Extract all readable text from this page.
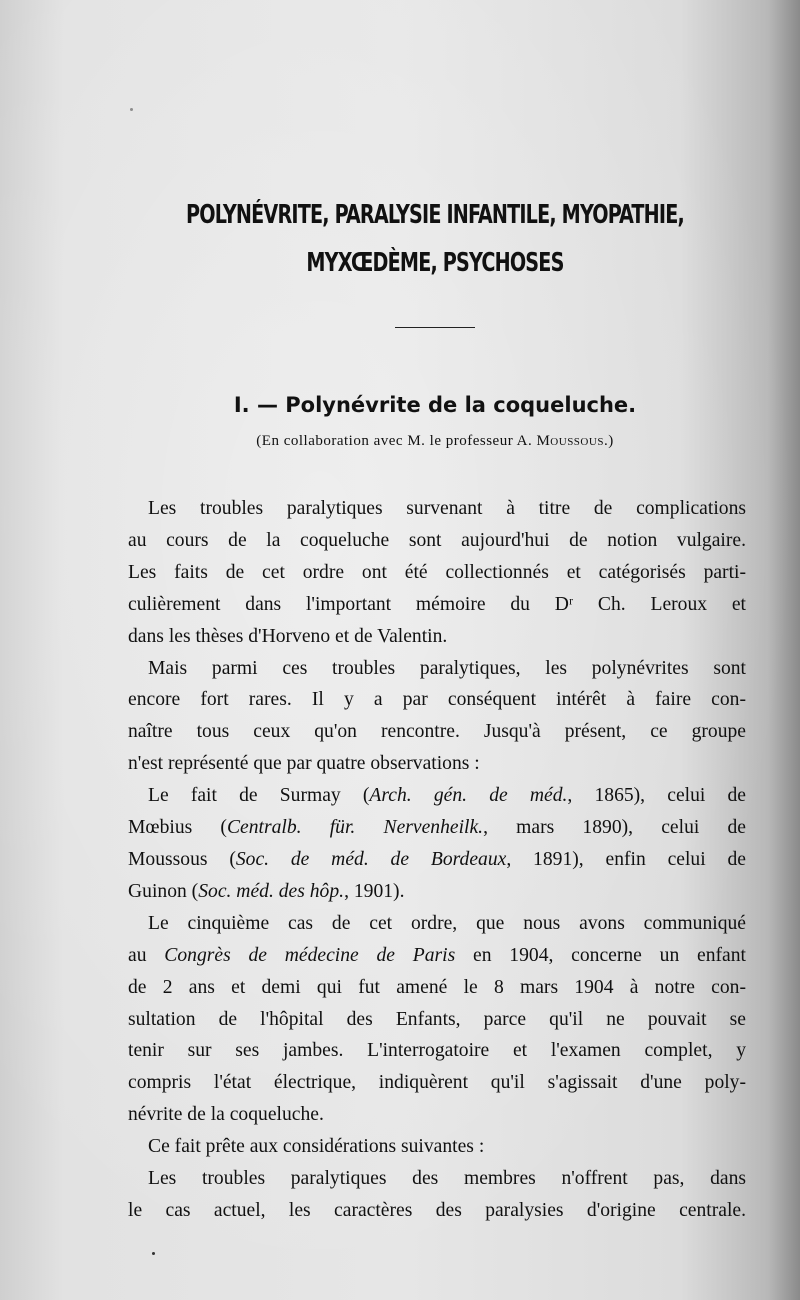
POLYNÉVRITE, PARALYSIE INFANTILE, MYOPATHIE,
MYXŒDÈME, PSYCHOSES
I. — Polynévrite de la coqueluche.
(En collaboration avec M. le professeur A. Moussous.)
Les troubles paralytiques survenant à titre de complications
au cours de la coqueluche sont aujourd'hui de notion vulgaire.
Les faits de cet ordre ont été collectionnés et catégorisés parti-
culièrement dans l'important mémoire du Dʳ Ch. Leroux et
dans les thèses d'Horveno et de Valentin.
Mais parmi ces troubles paralytiques, les polynévrites sont
encore fort rares. Il y a par conséquent intérêt à faire con-
naître tous ceux qu'on rencontre. Jusqu'à présent, ce groupe
n'est représenté que par quatre observations :
Le fait de Surmay (Arch. gén. de méd., 1865), celui de
Mœbius (Centralb. für. Nervenheilk., mars 1890), celui de
Moussous (Soc. de méd. de Bordeaux, 1891), enfin celui de
Guinon (Soc. méd. des hôp., 1901).
Le cinquième cas de cet ordre, que nous avons communiqué
au Congrès de médecine de Paris en 1904, concerne un enfant
de 2 ans et demi qui fut amené le 8 mars 1904 à notre con-
sultation de l'hôpital des Enfants, parce qu'il ne pouvait se
tenir sur ses jambes. L'interrogatoire et l'examen complet, y
compris l'état électrique, indiquèrent qu'il s'agissait d'une poly-
névrite de la coqueluche.
Ce fait prête aux considérations suivantes :
Les troubles paralytiques des membres n'offrent pas, dans
le cas actuel, les caractères des paralysies d'origine centrale.
